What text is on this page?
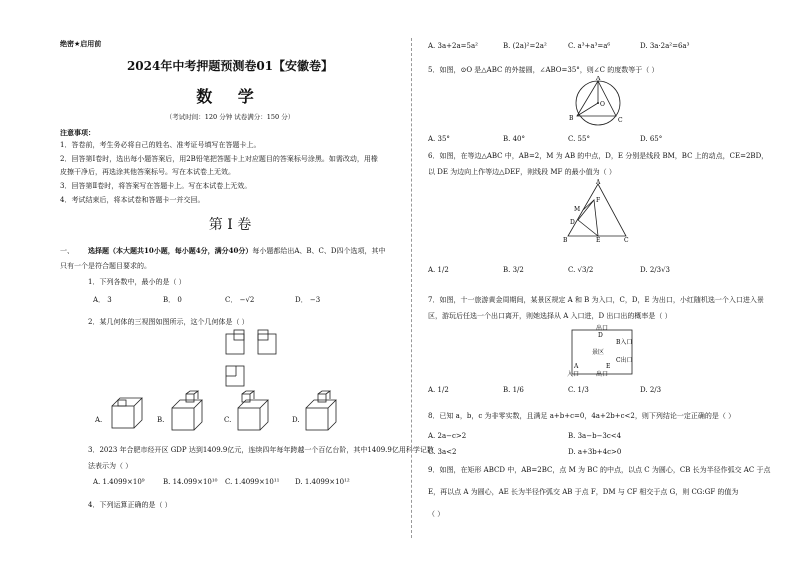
绝密★启用前
2024年中考押题预测卷01【安徽卷】
数 学
（考试时间：120 分钟 试卷满分：150 分）
注意事项：
1．答卷前，考生务必将自己的姓名、准考证号填写在答题卡上。
2．回答第Ⅰ卷时，选出每小题答案后，用2B铅笔把答题卡上对应题目的答案标号涂黑。如需改动，用橡
皮擦干净后，再选涂其他答案标号。写在本试卷上无效。
3．回答第Ⅱ卷时，将答案写在答题卡上。写在本试卷上无效。
4．考试结束后，将本试卷和答题卡一并交回。
第 I 卷
一、 选择题（本大题共10小题，每小题4分，满分40分）每小题都给出A、B、C、D四个选项，其中
只有一个是符合题目要求的。
1．下列各数中，最小的是（ ）
A． 3	B． 0	C． −√2	D． −3
2．某几何体的三视图如图所示，这个几何体是（ ）
A.	B.	C.	D.
3．2023 年合肥市经开区 GDP 达到1409.9亿元，连续四年每年跨越一个百亿台阶，其中1409.9亿用科学记数
法表示为（ ）
A. 1.4099×10⁹	B. 14.099×10¹⁰ C. 1.4099×10¹¹ D. 1.4099×10¹²
4．下列运算正确的是（ ）
A. 3a+2a=5a²	B. (2a)²=2a²	C. a³+a³=a⁶	D. 3a·2a²=6a³
5．如图，⊙O 是△ABC 的外接圆，∠ABO=35°，则∠C 的度数等于（ ）
A
O
B	C
A. 35°	B. 40°	C. 55°	D. 65°
6．如图，在等边△ABC 中，AB=2，M 为 AB 的中点，D，E 分别是线段 BM，BC 上的动点，CE=2BD，
以 DE 为边向上作等边△DEF，则线段 MF 的最小值为（ ）
A
F
M
D
B	E	C
A. 1/2	B. 3/2	C. √3/2	D. 2/3√3
7．如图，十一旅游黄金周期间，某景区规定 A 和 B 为入口，C，D，E 为出口，小红随机选一个入口进入景
区，游玩后任选一个出口离开，则她选择从 A 入口进，D 出口出的概率是（ ）
出口
D
景区
B入口
C出口
入口	出口
A	E
A. 1/2	B. 1/6	C. 1/3	D. 2/3
8．已知 a，b，c 为非零实数，且满足 a+b+c=0，4a+2b+c<2，则下列结论一定正确的是（ ）
A. 2a−c>2	B. 3a−b−3c<4
C. 3a<2	D. a+3b+4c>0
9．如图，在矩形 ABCD 中，AB=2BC，点 M 为 BC 的中点，以点 C 为圆心，CB 长为半径作弧交 AC 于点
E，再以点 A 为圆心，AE 长为半径作弧交 AB 于点 F，DM 与 CF 相交于点 G，则 CG:GF 的值为
（ ）
